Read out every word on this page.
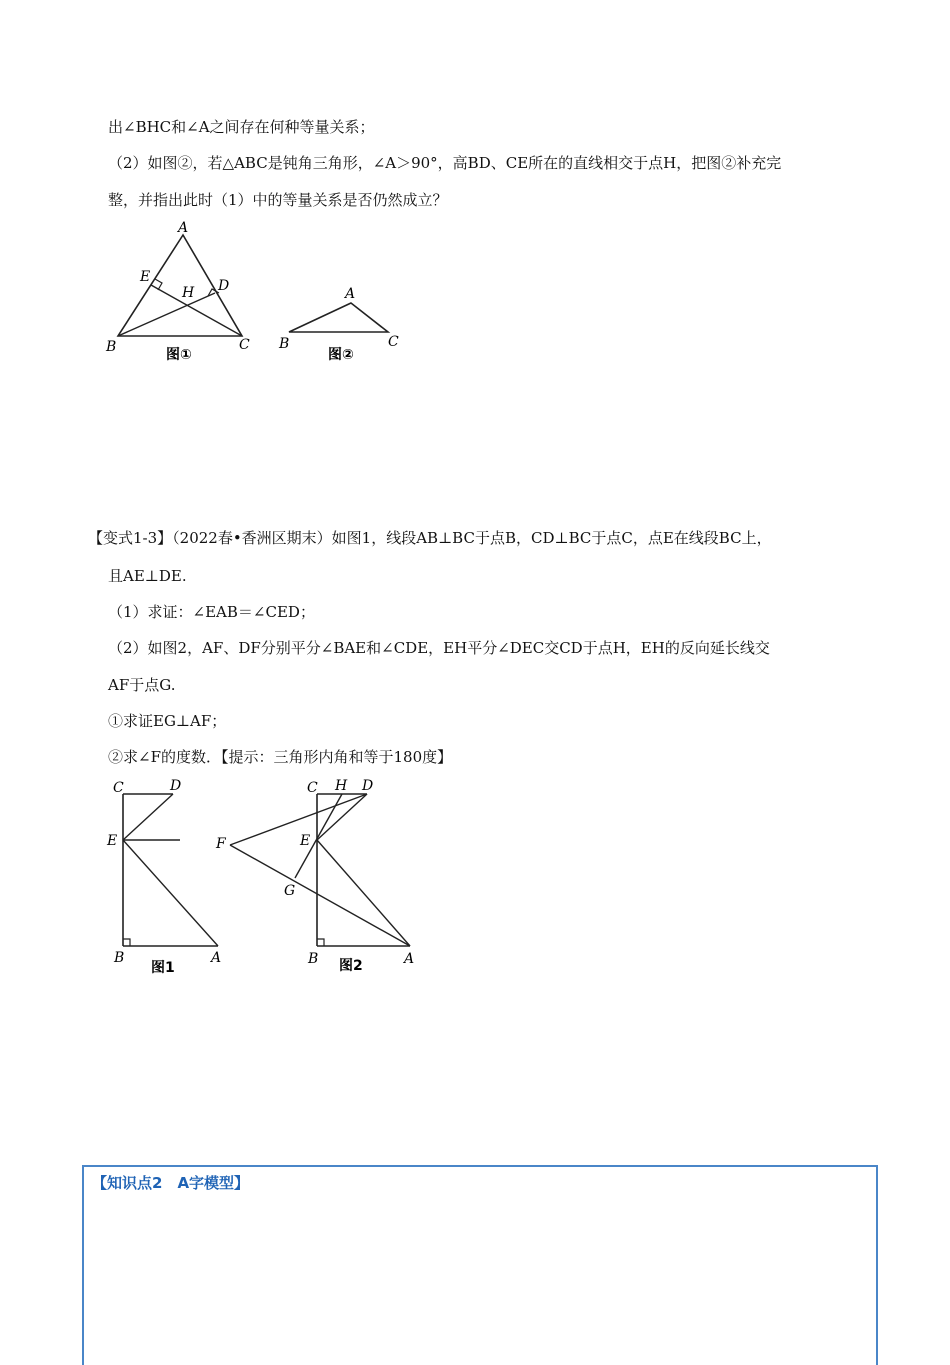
出∠BHC和∠A之间存在何种等量关系；
（2）如图②，若△ABC是钝角三角形，∠A＞90°，高BD、CE所在的直线相交于点H，把图②补充完
整，并指出此时（1）中的等量关系是否仍然成立？
A
E
H D
B	C
图①
A
B	C
图②
【变式1-3】（2022春•香洲区期末）如图1，线段AB⊥BC于点B，CD⊥BC于点C，点E在线段BC上，
且AE⊥DE.
（1）求证：∠EAB＝∠CED；
（2）如图2，AF、DF分别平分∠BAE和∠CDE，EH平分∠DEC交CD于点H，EH的反向延长线交
AF于点G.
①求证EG⊥AF；
②求∠F的度数．【提示：三角形内角和等于180度】
C	D
E
B	A
图1
C H D
F	E
G
B	A
图2
【知识点2　A字模型】
